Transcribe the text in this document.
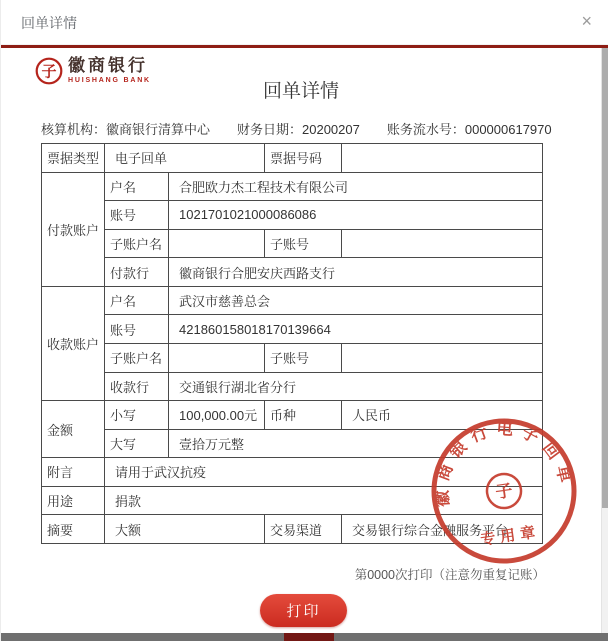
回单详情	×
子 徽商银行
HUISHANG BANK
回单详情
核算机构：徽商银行清算中心 财务日期：20200207 账务流水号：000000617970
票据类型	电子回单		票据号码	
付款账户	户名	合肥欧力杰工程技术有限公司		
	账号	1021701021000086086		
	子账户名		子账号	
	付款行	徽商银行合肥安庆西路支行		
收款账户	户名	武汉市慈善总会		
	账号	421860158018170139664		
	子账户名		子账号	
	收款行	交通银行湖北省分行		
金额	小写	100,000.00元	币种	人民币
	大写	壹拾万元整		
附言	请用于武汉抗疫			
用途	捐款			
摘要	大额		交易渠道	交易银行综合金融服务平台
徽商银行电子回单
子
专用章
第0000次打印（注意勿重复记账）
打印
